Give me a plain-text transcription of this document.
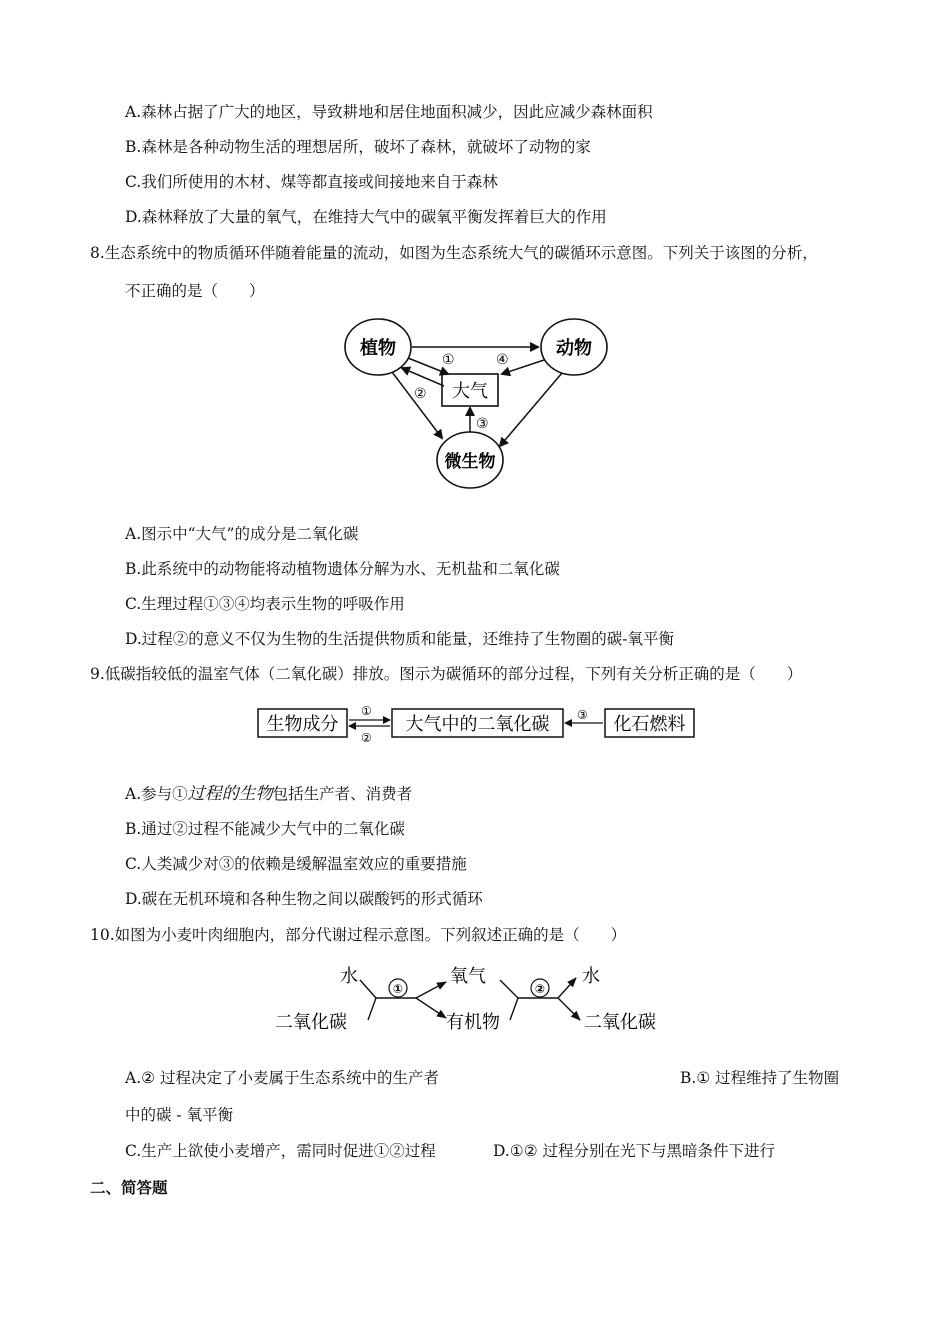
A.森林占据了广大的地区，导致耕地和居住地面积减少，因此应减少森林面积
B.森林是各种动物生活的理想居所，破坏了森林，就破坏了动物的家
C.我们所使用的木材、煤等都直接或间接地来自于森林
D.森林释放了大量的氧气，在维持大气中的碳氧平衡发挥着巨大的作用
8.生态系统中的物质循环伴随着能量的流动，如图为生态系统大气的碳循环示意图。下列关于该图的分析，
不正确的是（　　）
植物	动物
微生物
大气
①
②
③
④
A.图示中“大气”的成分是二氧化碳
B.此系统中的动物能将动植物遗体分解为水、无机盐和二氧化碳
C.生理过程①③④均表示生物的呼吸作用
D.过程②的意义不仅为生物的生活提供物质和能量，还维持了生物圈的碳-氧平衡
9.低碳指较低的温室气体（二氧化碳）排放。图示为碳循环的部分过程，下列有关分析正确的是（　　）
生物成分	大气中的二氧化碳	化石燃料
①
②
③
A.参与①过程的生物包括生产者、消费者
B.通过②过程不能减少大气中的二氧化碳
C.人类减少对③的依赖是缓解温室效应的重要措施
D.碳在无机环境和各种生物之间以碳酸钙的形式循环
10.如图为小麦叶肉细胞内，部分代谢过程示意图。下列叙述正确的是（　　）
水
二氧化碳
①
氧气
有机物
②
水
二氧化碳
A.② 过程决定了小麦属于生态系统中的生产者	B.① 过程维持了生物圈
中的碳 - 氧平衡
C.生产上欲使小麦增产，需同时促进①②过程	D.①② 过程分别在光下与黑暗条件下进行
二、简答题
